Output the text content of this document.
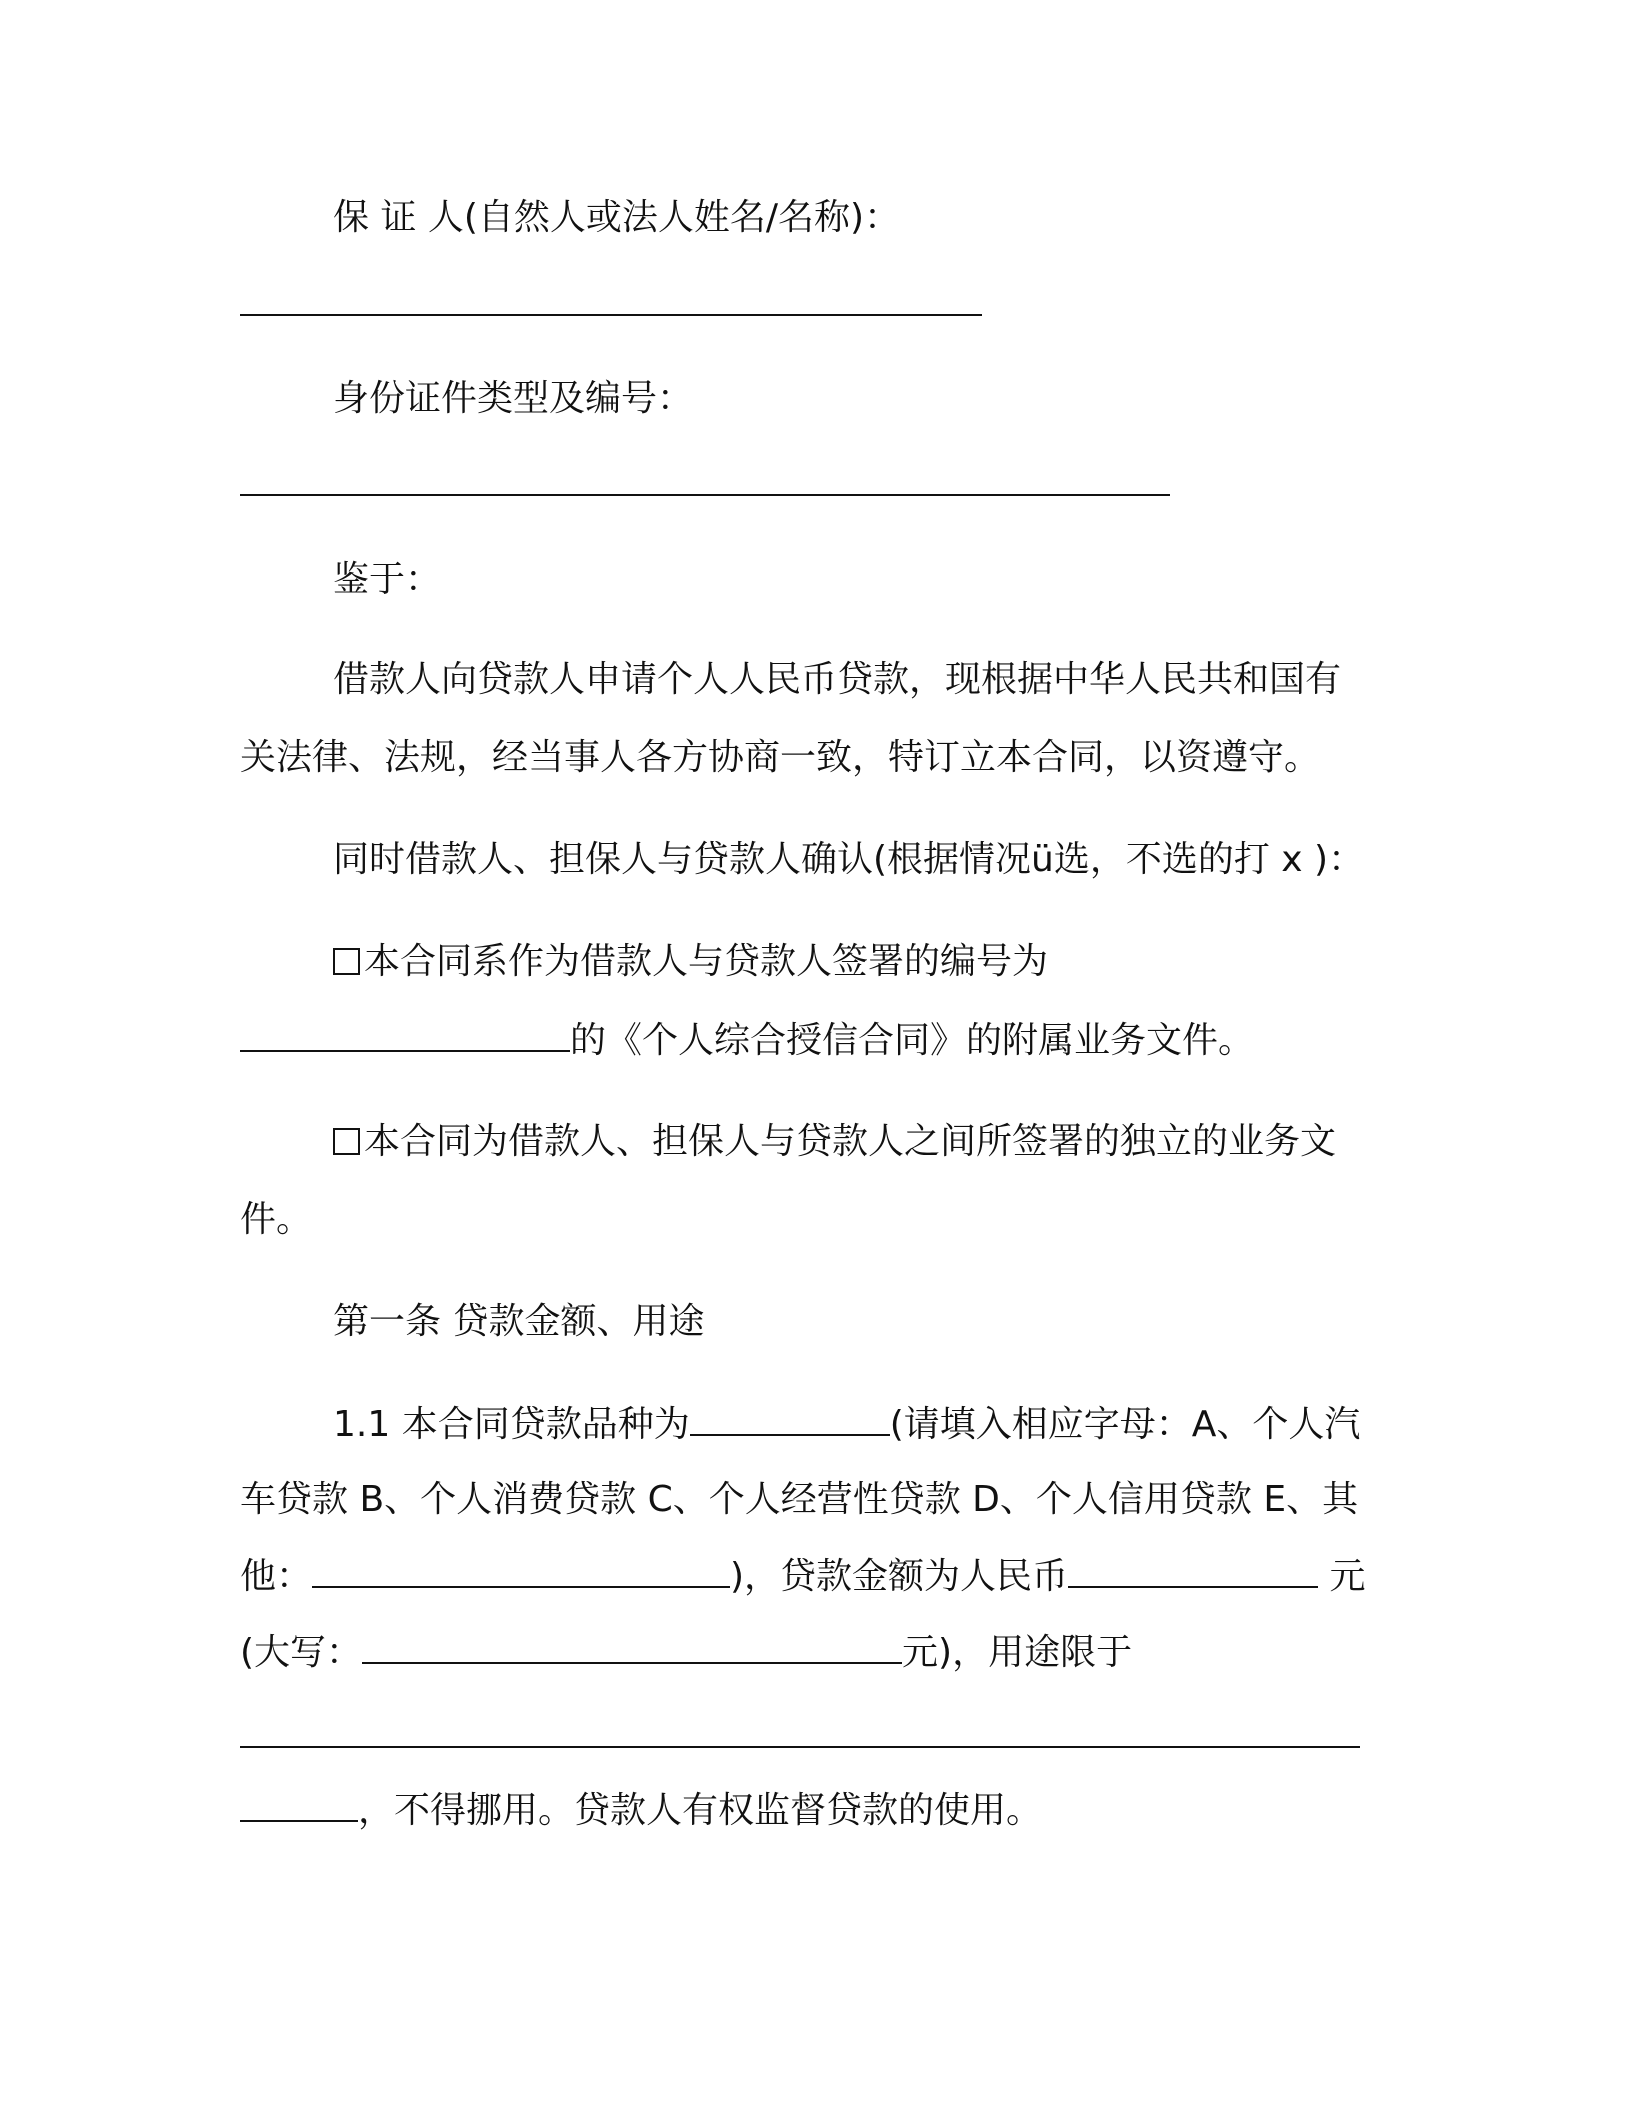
保 证 人(自然人或法人姓名/名称)：
身份证件类型及编号：
鉴于：
借款人向贷款人申请个人人民币贷款，现根据中华人民共和国有
关法律、法规，经当事人各方协商一致，特订立本合同，以资遵守。
同时借款人、担保人与贷款人确认(根据情况ü选，不选的打 x )：
本合同系作为借款人与贷款人签署的编号为
的《个人综合授信合同》的附属业务文件。
本合同为借款人、担保人与贷款人之间所签署的独立的业务文
件。
第一条 贷款金额、用途
1.1 本合同贷款品种为	(请填入相应字母：A、个人汽
车贷款 B、个人消费贷款 C、个人经营性贷款 D、个人信用贷款 E、其
他：	)，贷款金额为人民币	元
(大写：	元)，用途限于
，不得挪用。贷款人有权监督贷款的使用。
